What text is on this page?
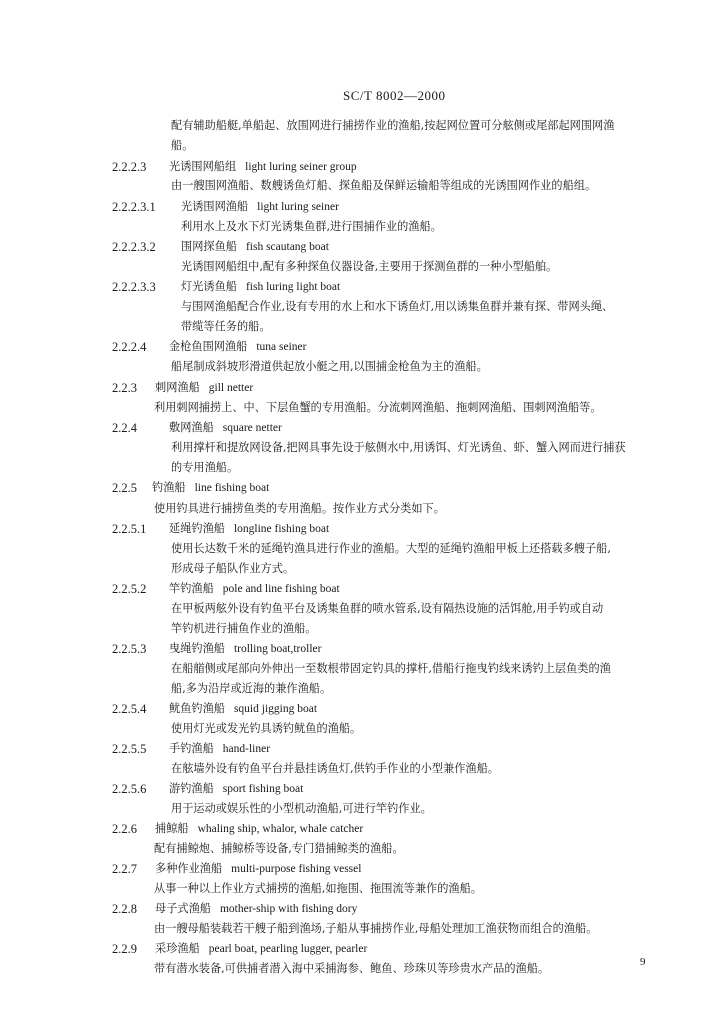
SC/T 8002—2000
配有辅助船艇,单船起、放围网进行捕捞作业的渔船,按起网位置可分舷侧或尾部起网围网渔
船。
2.2.2.3 光诱围网船组 light luring seiner group
由一艘围网渔船、数艘诱鱼灯船、探鱼船及保鲜运输船等组成的光诱围网作业的船组。
2.2.2.3.1 光诱围网渔船 light luring seiner
利用水上及水下灯光诱集鱼群,进行围捕作业的渔船。
2.2.2.3.2 围网探鱼船 fish scautang boat
光诱围网船组中,配有多种探鱼仪器设备,主要用于探测鱼群的一种小型船舶。
2.2.2.3.3 灯光诱鱼船 fish luring light boat
与围网渔船配合作业,设有专用的水上和水下诱鱼灯,用以诱集鱼群并兼有探、带网头绳、
带缆等任务的船。
2.2.2.4 金枪鱼围网渔船 tuna seiner
船尾制成斜坡形滑道供起放小艇之用,以围捕金枪鱼为主的渔船。
2.2.3 刺网渔船 gill netter
利用刺网捕捞上、中、下层鱼蟹的专用渔船。分流刺网渔船、拖刺网渔船、围刺网渔船等。
2.2.4	敷网渔船 square netter
利用撑杆和提放网设备,把网具事先设于舷侧水中,用诱饵、灯光诱鱼、虾、蟹入网而进行捕获
的专用渔船。
2.2.5 钓渔船 line fishing boat
使用钓具进行捕捞鱼类的专用渔船。按作业方式分类如下。
2.2.5.1 延绳钓渔船 longline fishing boat
使用长达数千米的延绳钓渔具进行作业的渔船。大型的延绳钓渔船甲板上还搭载多艘子船,
形成母子船队作业方式。
2.2.5.2 竿钓渔船 pole and line fishing boat
在甲板两舷外设有钓鱼平台及诱集鱼群的喷水管系,设有隔热设施的活饵舱,用手钓或自动
竿钓机进行捕鱼作业的渔船。
2.2.5.3 曳绳钓渔船 trolling boat,troller
在船艏侧或尾部向外伸出一至数根带固定钓具的撑杆,借船行拖曳钓线来诱钓上层鱼类的渔
船,多为沿岸或近海的兼作渔船。
2.2.5.4 鱿鱼钓渔船 squid jigging boat
使用灯光或发光钓具诱钓鱿鱼的渔船。
2.2.5.5 手钓渔船 hand-liner
在舷墙外设有钓鱼平台并悬挂诱鱼灯,供钓手作业的小型兼作渔船。
2.2.5.6 游钓渔船 sport fishing boat
用于运动或娱乐性的小型机动渔船,可进行竿钓作业。
2.2.6 捕鲸船 whaling ship, whalor, whale catcher
配有捕鲸炮、捕鲸桥等设备,专门猎捕鲸类的渔船。
2.2.7 多种作业渔船 multi-purpose fishing vessel
从事一种以上作业方式捕捞的渔船,如拖围、拖围流等兼作的渔船。
2.2.8 母子式渔船 mother-ship with fishing dory
由一艘母船装载若干艘子船到渔场,子船从事捕捞作业,母船处理加工渔获物而组合的渔船。
2.2.9 采珍渔船 pearl boat, pearling lugger, pearler
带有潜水装备,可供捕者潜入海中采捕海参、鲍鱼、珍珠贝等珍贵水产品的渔船。	9
